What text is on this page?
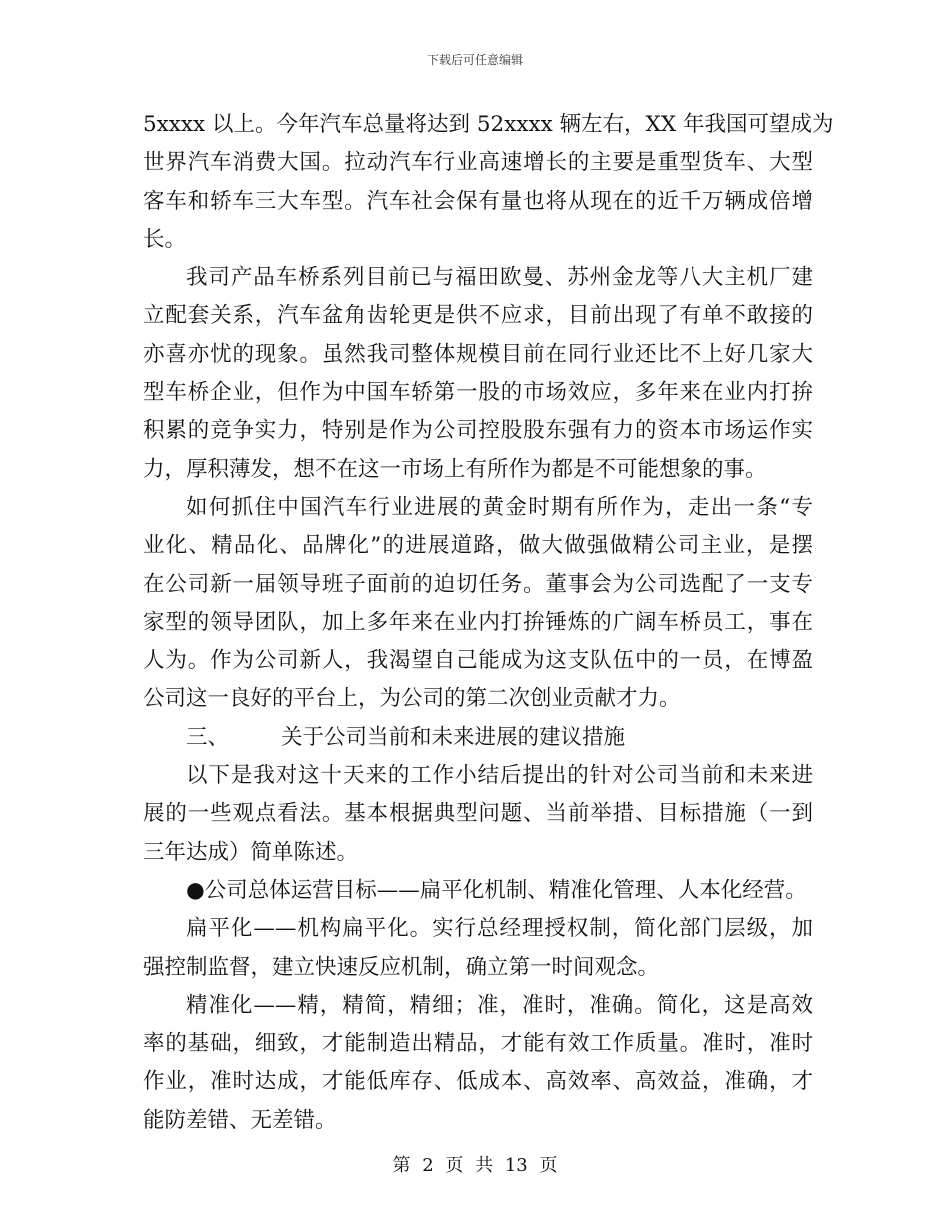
下载后可任意编辑
5xxxx 以上。今年汽车总量将达到 52xxxx 辆左右，XX 年我国可望成为
世界汽车消费大国。拉动汽车行业高速增长的主要是重型货车、大型
客车和轿车三大车型。汽车社会保有量也将从现在的近千万辆成倍增
长。
我司产品车桥系列目前已与福田欧曼、苏州金龙等八大主机厂建
立配套关系，汽车盆角齿轮更是供不应求，目前出现了有单不敢接的
亦喜亦忧的现象。虽然我司整体规模目前在同行业还比不上好几家大
型车桥企业，但作为中国车轿第一股的市场效应，多年来在业内打拚
积累的竞争实力，特别是作为公司控股股东强有力的资本市场运作实
力，厚积薄发，想不在这一市场上有所作为都是不可能想象的事。
如何抓住中国汽车行业进展的黄金时期有所作为，走出一条“专
业化、精品化、品牌化”的进展道路，做大做强做精公司主业，是摆
在公司新一届领导班子面前的迫切任务。董事会为公司选配了一支专
家型的领导团队，加上多年来在业内打拚锤炼的广阔车桥员工，事在
人为。作为公司新人，我渴望自己能成为这支队伍中的一员，在博盈
公司这一良好的平台上，为公司的第二次创业贡献才力。
三、 关于公司当前和未来进展的建议措施
以下是我对这十天来的工作小结后提出的针对公司当前和未来进
展的一些观点看法。基本根据典型问题、当前举措、目标措施（一到
三年达成）简单陈述。
●公司总体运营目标——扁平化机制、精准化管理、人本化经营。
扁平化——机构扁平化。实行总经理授权制，简化部门层级，加
强控制监督，建立快速反应机制，确立第一时间观念。
精准化——精，精简，精细；准，准时，准确。简化，这是高效
率的基础，细致，才能制造出精品，才能有效工作质量。准时，准时
作业，准时达成，才能低库存、低成本、高效率、高效益，准确，才
能防差错、无差错。
第 2 页 共 13 页
